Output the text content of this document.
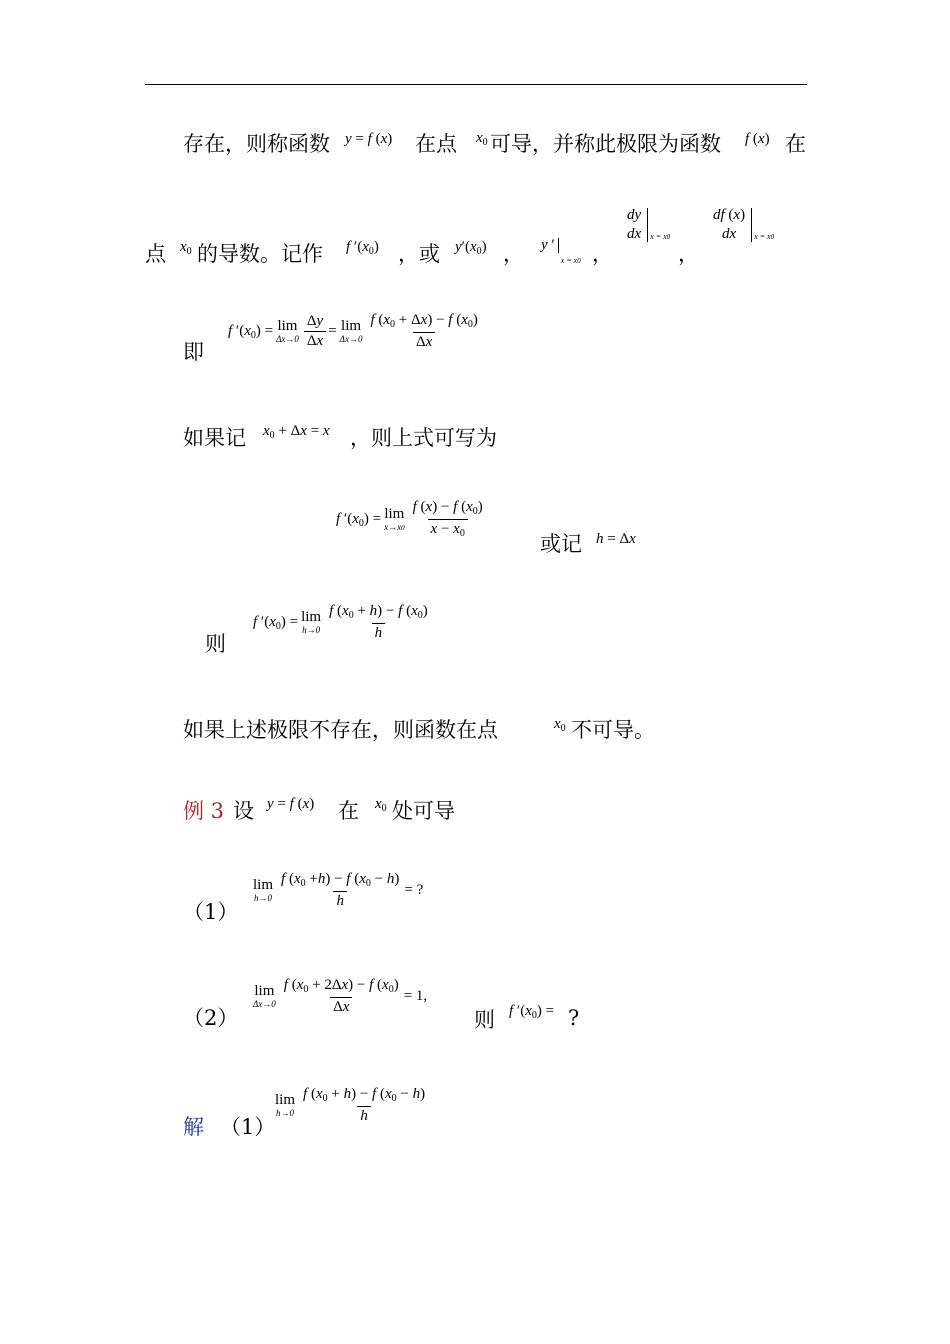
存在，则称函数 y = f (x) 在点 $x_0$ 可导，并称此极限为函数 f (x) 在
点 $x_0$ 的导数。记作 f $'(x_0)$ ，或 $y'(x_0)$ ， y $'_{x = x0}$ ，
dy
dx	$_{x = x0}$
，
df (x)
dx	$_{x = x0}$
即
f $'(x_0) = \lim$
$\Delta x\to 0 \frac{\Delta y}{\Delta x} = \lim$
$\Delta x\to 0 \frac{f (x_0 + \Delta x) - f (x_0)}{\Delta x}$
如果记 $x_0 + \Delta x = x$ ，则上式可写为
f $'(x_0) = \lim$
$x\to x0 \frac{f (x) - f (x_0)}{x - x_0}$
或记 h = Δx
则
f $'(x_0) = \lim$
$h\to 0 \frac{f (x_0 + h) - f (x_0)}{h}$
如果上述极限不存在，则函数在点	$x_0$ 不可导。
例 3 设 y = f (x) 在 $x_0$ 处可导
（1）
lim
$h\to 0 \frac{f (x_0 +h) - f (x_0 - h)}{h}$ = ?
（2）
lim
$\Delta x\to 0 \frac{f (x_0 + 2\Delta x) - f (x_0)}{\Delta x} = 1$,
则 f $'(x_0)$ = ?
解 （1）
lim
$h\to 0 \frac{f (x_0 + h) - f (x_0 - h)}{h}$
